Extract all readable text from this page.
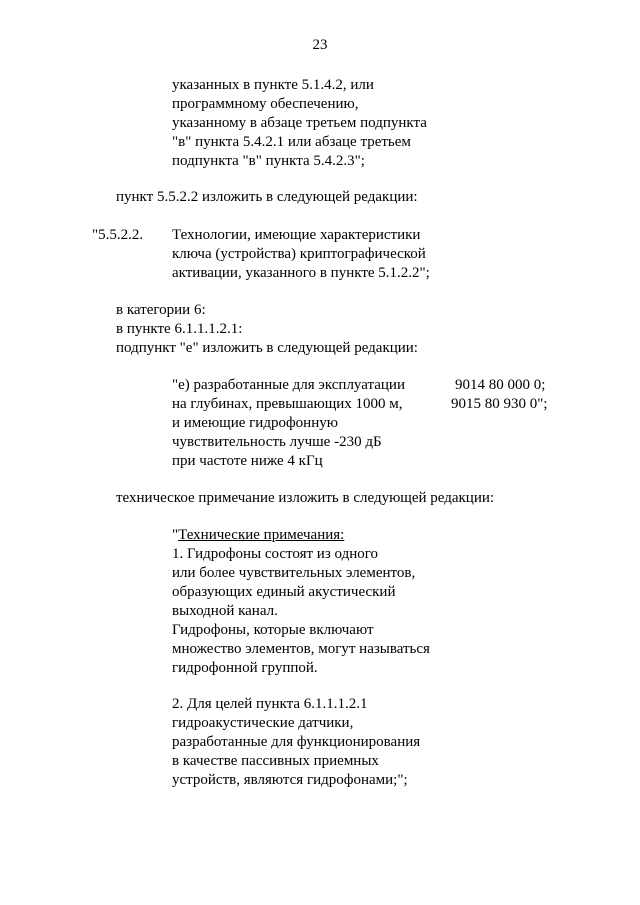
23
указанных в пункте 5.1.4.2, или
программному обеспечению,
указанному в абзаце третьем подпункта
"в" пункта 5.4.2.1 или абзаце третьем
подпункта "в" пункта 5.4.2.3";
пункт 5.5.2.2 изложить в следующей редакции:
"5.5.2.2. Технологии, имеющие характеристики
ключа (устройства) криптографической
активации, указанного в пункте 5.1.2.2";
в категории 6:
в пункте 6.1.1.1.2.1:
подпункт "е" изложить в следующей редакции:
"е) разработанные для эксплуатации
на глубинах, превышающих 1000 м,
и имеющие гидрофонную
чувствительность лучше -230 дБ
при частоте ниже 4 кГц
9014 80 000 0;
9015 80 930 0";
техническое примечание изложить в следующей редакции:
"Технические примечания:
1. Гидрофоны состоят из одного
или более чувствительных элементов,
образующих единый акустический
выходной канал.
Гидрофоны, которые включают
множество элементов, могут называться
гидрофонной группой.
2. Для целей пункта 6.1.1.1.2.1
гидроакустические датчики,
разработанные для функционирования
в качестве пассивных приемных
устройств, являются гидрофонами;";
